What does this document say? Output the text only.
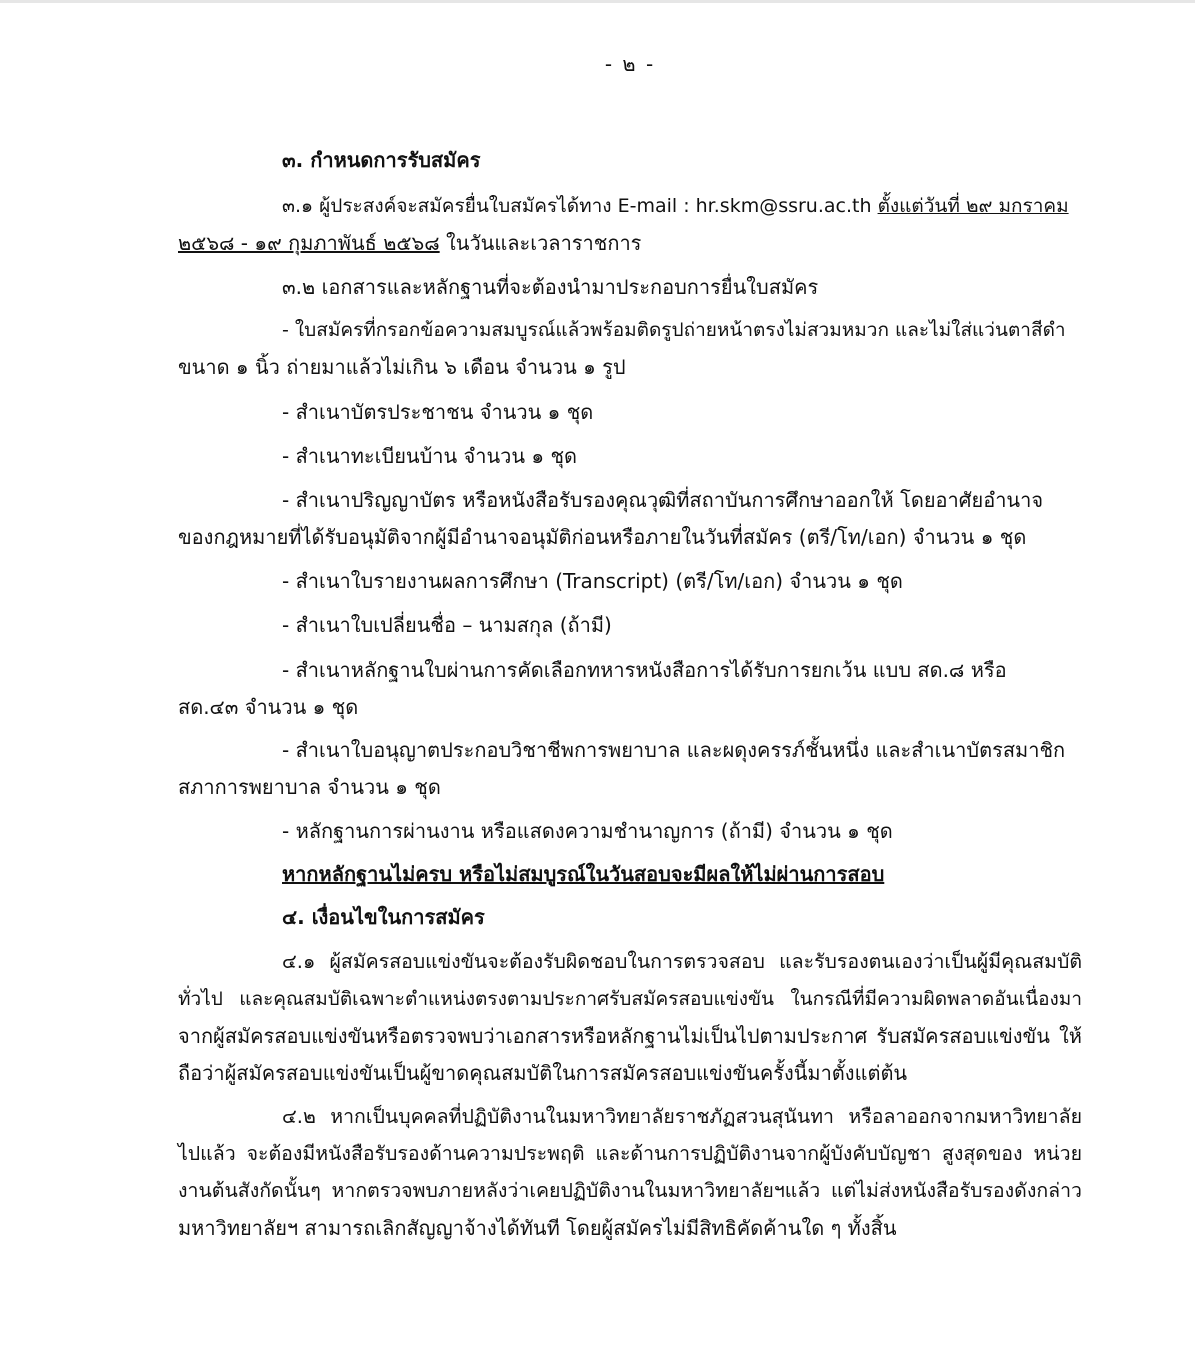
- ๒ -
๓. กำหนดการรับสมัคร
๓.๑ ผู้ประสงค์จะสมัครยื่นใบสมัครได้ทาง E-mail : hr.skm@ssru.ac.th ตั้งแต่วันที่ ๒๙ มกราคม
๒๕๖๘ - ๑๙ กุมภาพันธ์ ๒๕๖๘ ในวันและเวลาราชการ
๓.๒ เอกสารและหลักฐานที่จะต้องนำมาประกอบการยื่นใบสมัคร
- ใบสมัครที่กรอกข้อความสมบูรณ์แล้วพร้อมติดรูปถ่ายหน้าตรงไม่สวมหมวก และไม่ใส่แว่นตาสีดำ
ขนาด ๑ นิ้ว ถ่ายมาแล้วไม่เกิน ๖ เดือน จำนวน ๑ รูป
- สำเนาบัตรประชาชน จำนวน ๑ ชุด
- สำเนาทะเบียนบ้าน จำนวน ๑ ชุด
- สำเนาปริญญาบัตร หรือหนังสือรับรองคุณวุฒิที่สถาบันการศึกษาออกให้ โดยอาศัยอำนาจ
ของกฎหมายที่ได้รับอนุมัติจากผู้มีอำนาจอนุมัติก่อนหรือภายในวันที่สมัคร (ตรี/โท/เอก) จำนวน ๑ ชุด
- สำเนาใบรายงานผลการศึกษา (Transcript) (ตรี/โท/เอก) จำนวน ๑ ชุด
- สำเนาใบเปลี่ยนชื่อ – นามสกุล (ถ้ามี)
- สำเนาหลักฐานใบผ่านการคัดเลือกทหารหนังสือการได้รับการยกเว้น แบบ สด.๘ หรือ
สด.๔๓ จำนวน ๑ ชุด
- สำเนาใบอนุญาตประกอบวิชาชีพการพยาบาล และผดุงครรภ์ชั้นหนึ่ง และสำเนาบัตรสมาชิก
สภาการพยาบาล จำนวน ๑ ชุด
- หลักฐานการผ่านงาน หรือแสดงความชำนาญการ (ถ้ามี) จำนวน ๑ ชุด
หากหลักฐานไม่ครบ หรือไม่สมบูรณ์ในวันสอบจะมีผลให้ไม่ผ่านการสอบ
๔. เงื่อนไขในการสมัคร
๔.๑ ผู้สมัครสอบแข่งขันจะต้องรับผิดชอบในการตรวจสอบ และรับรองตนเองว่าเป็นผู้มีคุณสมบัติ
ทั่วไป และคุณสมบัติเฉพาะตำแหน่งตรงตามประกาศรับสมัครสอบแข่งขัน ในกรณีที่มีความผิดพลาดอันเนื่องมา
จากผู้สมัครสอบแข่งขันหรือตรวจพบว่าเอกสารหรือหลักฐานไม่เป็นไปตามประกาศ รับสมัครสอบแข่งขัน ให้
ถือว่าผู้สมัครสอบแข่งขันเป็นผู้ขาดคุณสมบัติในการสมัครสอบแข่งขันครั้งนี้มาตั้งแต่ต้น
๔.๒ หากเป็นบุคคลที่ปฏิบัติงานในมหาวิทยาลัยราชภัฏสวนสุนันทา หรือลาออกจากมหาวิทยาลัย
ไปแล้ว จะต้องมีหนังสือรับรองด้านความประพฤติ และด้านการปฏิบัติงานจากผู้บังคับบัญชา สูงสุดของ หน่วย
งานต้นสังกัดนั้นๆ หากตรวจพบภายหลังว่าเคยปฏิบัติงานในมหาวิทยาลัยฯแล้ว แต่ไม่ส่งหนังสือรับรองดังกล่าว
มหาวิทยาลัยฯ สามารถเลิกสัญญาจ้างได้ทันที โดยผู้สมัครไม่มีสิทธิคัดค้านใด ๆ ทั้งสิ้น
